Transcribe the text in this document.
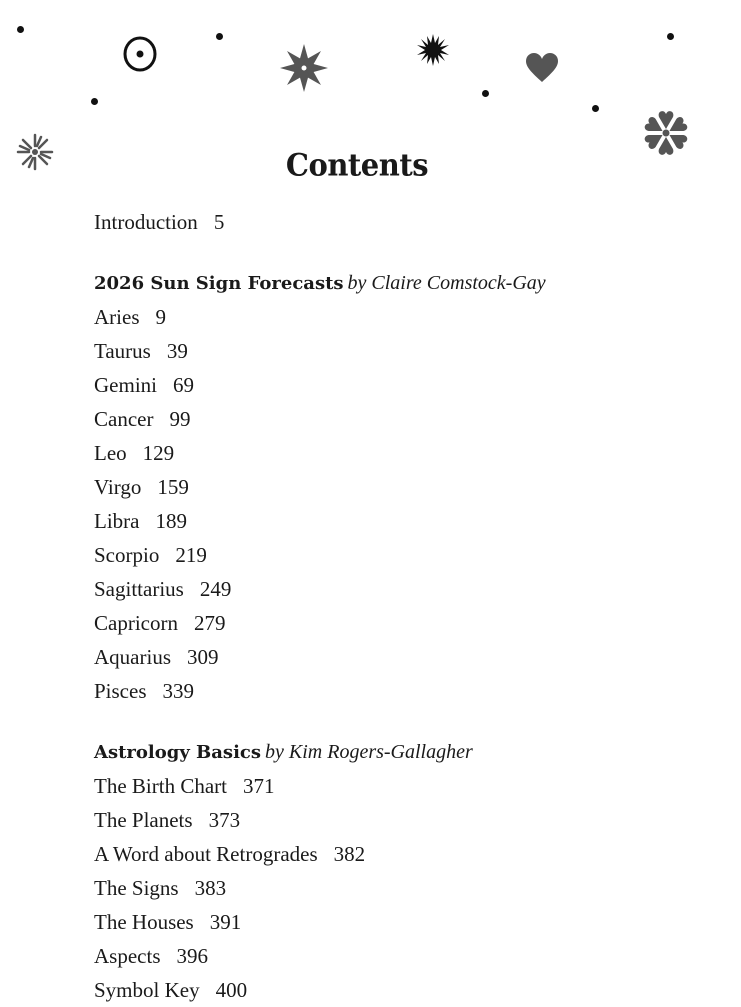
Contents
Introduction 5
2026 Sun Sign Forecasts by Claire Comstock-Gay
Aries 9
Taurus 39
Gemini 69
Cancer 99
Leo 129
Virgo 159
Libra 189
Scorpio 219
Sagittarius 249
Capricorn 279
Aquarius 309
Pisces 339
Astrology Basics by Kim Rogers-Gallagher
The Birth Chart 371
The Planets 373
A Word about Retrogrades 382
The Signs 383
The Houses 391
Aspects 396
Symbol Key 400
